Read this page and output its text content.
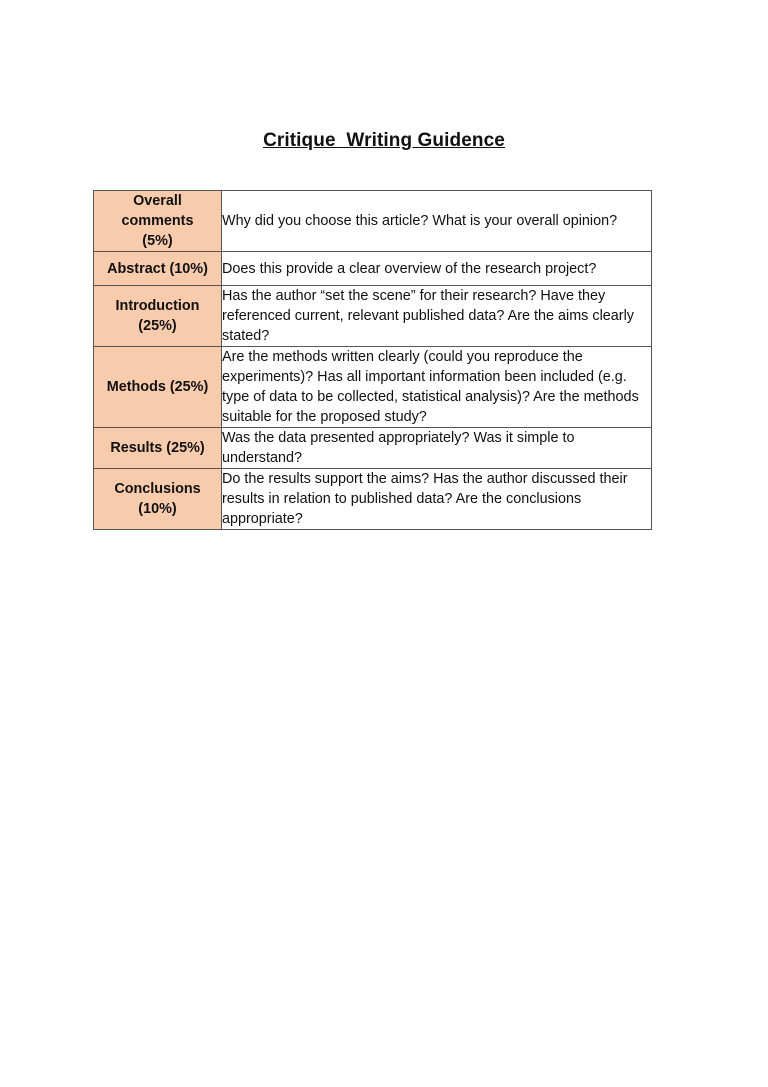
Critique  Writing Guidence
Overall
comments
(5%)	Why did you choose this article? What is your overall opinion?

Abstract (10%)	Does this provide a clear overview of the research project?

Introduction
(25%)	Has the author “set the scene” for their research? Have they referenced current, relevant published data? Are the aims clearly stated?

Methods (25%)	Are the methods written clearly (could you reproduce the experiments)? Has all important information been included (e.g. type of data to be collected, statistical analysis)? Are the methods suitable for the proposed study?

Results (25%)	Was the data presented appropriately? Was it simple to understand?

Conclusions
(10%)	Do the results support the aims? Has the author discussed their results in relation to published data? Are the conclusions appropriate?
